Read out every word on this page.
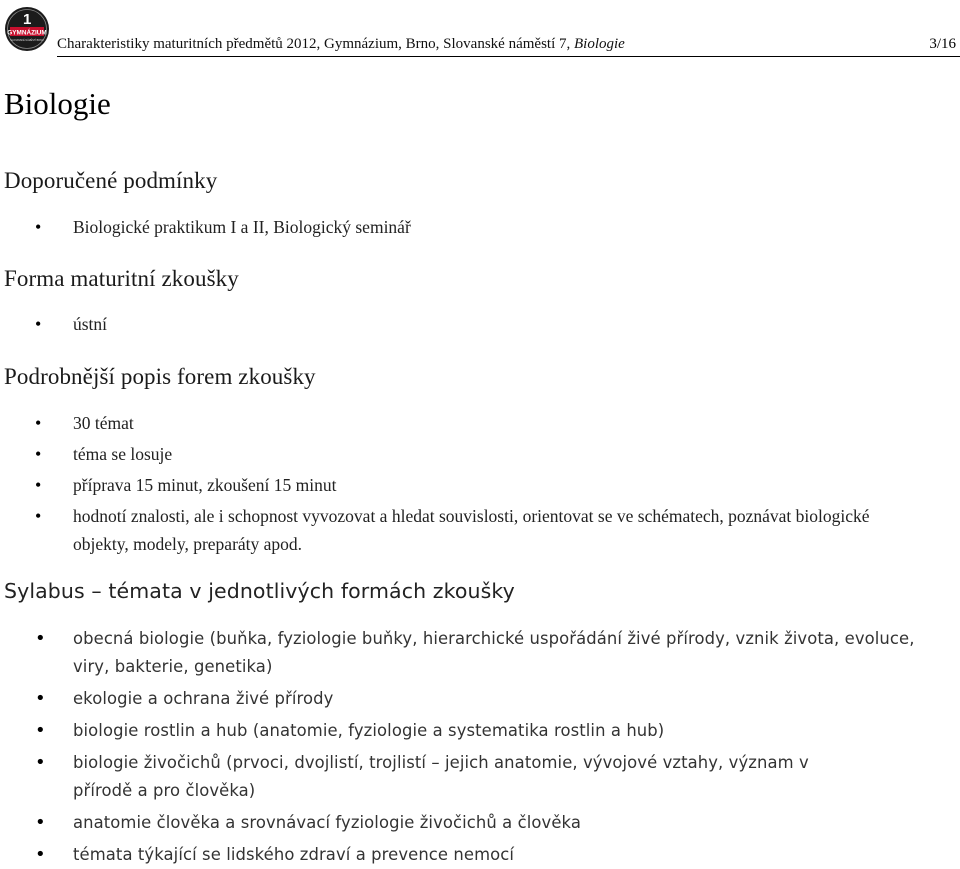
1
GYMNÁZIUM
SLOVANSKÉ NÁMĚSTÍ BRNO Charakteristiky maturitních předmětů 2012, Gymnázium, Brno, Slovanské náměstí 7, Biologie	3/16
Biologie
Doporučené podmínky
• Biologické praktikum I a II, Biologický seminář
Forma maturitní zkoušky
• ústní
Podrobnější popis forem zkoušky
• 30 témat
• téma se losuje
• příprava 15 minut, zkoušení 15 minut
• hodnotí znalosti, ale i schopnost vyvozovat a hledat souvislosti, orientovat se ve schématech, poznávat biologické objekty, modely, preparáty apod.
Sylabus – témata v jednotlivých formách zkoušky
• obecná biologie (buňka, fyziologie buňky, hierarchické uspořádání živé přírody, vznik života, evoluce, viry, bakterie, genetika)
• ekologie a ochrana živé přírody
• biologie rostlin a hub (anatomie, fyziologie a systematika rostlin a hub)
• biologie živočichů (prvoci, dvojlistí, trojlistí – jejich anatomie, vývojové vztahy, význam v přírodě a pro člověka)
• anatomie člověka a srovnávací fyziologie živočichů a člověka
• témata týkající se lidského zdraví a prevence nemocí
